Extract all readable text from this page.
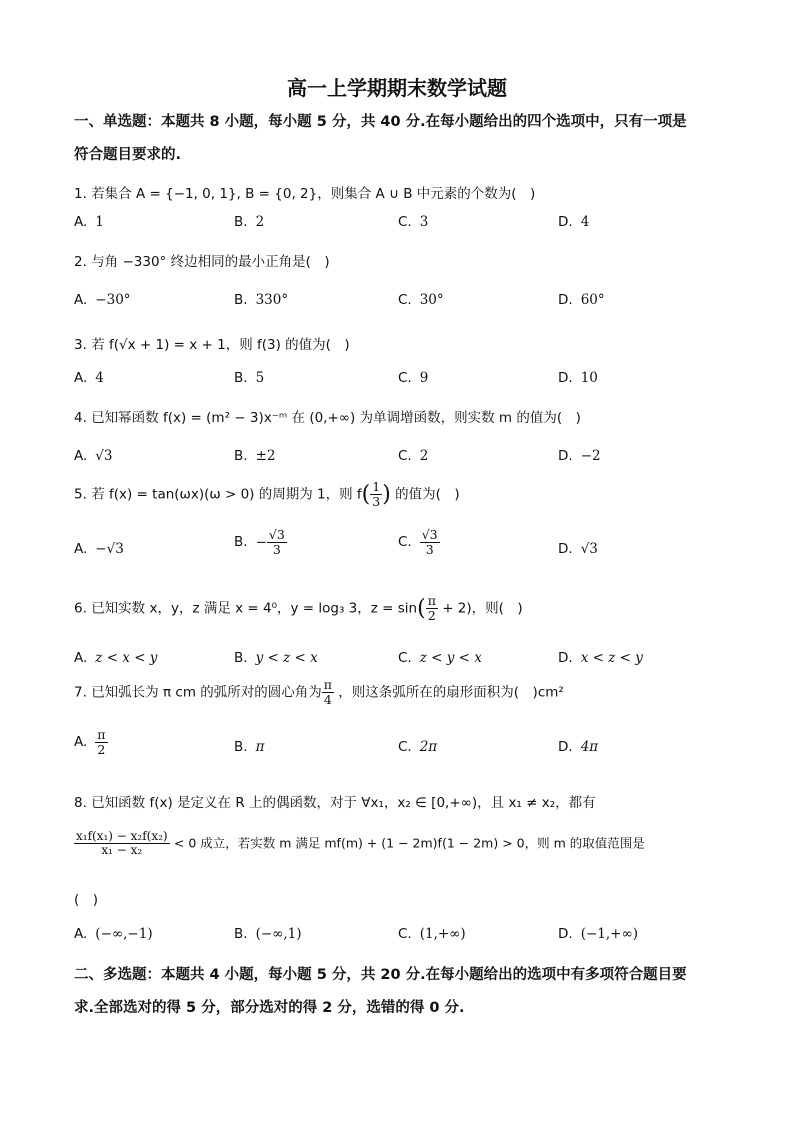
高一上学期期末数学试题
一、单选题：本题共 8 小题，每小题 5 分，共 40 分.在每小题给出的四个选项中，只有一项是
符合题目要求的.
1. 若集合 A = {−1, 0, 1}, B = {0, 2}，则集合 A ∪ B 中元素的个数为(　)
A. 1	B. 2	C. 3	D. 4
2. 与角 −330° 终边相同的最小正角是(　)
A. −30°	B. 330°	C. 30°	D. 60°
3. 若 f(√x + 1) = x + 1，则 f(3) 的值为(　)
A. 4	B. 5	C. 9	D. 10
4. 已知幂函数 f(x) = (m² − 3)x⁻ᵐ 在 (0,+∞) 为单调增函数，则实数 m 的值为(　)
A. √3	B. ±2	C. 2	D. −2
5. 若 f(x) = tan(ωx)(ω > 0) 的周期为 1，则 $f( \frac{1}{3}$ ) 的值为(　)
A. −√3	B. − $\frac{√3}{3}$	C. $\frac{√3}{3}$	D. √3
6. 已知实数 x，y，z 满足 x = 4⁰，y = log₃ 3，$z = \sin( \frac{\pi}{2} + 2)$，则(　)
A. z < x < y	B. y < z < x	C. z < y < x	D. x < z < y
7. 已知弧长为 π cm 的弧所对的圆心角为 $\frac{\pi}{4}$ ，则这条弧所在的扇形面积为(　)cm²
A. $\frac{\pi}{2}$	B. π	C. 2π	D. 4π
8. 已知函数 f(x) 是定义在 R 上的偶函数，对于 ∀x₁，x₂ ∈ [0,+∞)，且 x₁ ≠ x₂，都有
$\frac{\text{x₁f(x₁) − x₂f(x₂)}}{\text{x₁ − x₂}} < 0$ 成立，若实数 m 满足 mf(m) + (1 − 2m)f(1 − 2m) > 0，则 m 的取值范围是
(　)
A. (−∞,−1)	B. (−∞,1)	C. (1,+∞)	D. (−1,+∞)
二、多选题：本题共 4 小题，每小题 5 分，共 20 分.在每小题给出的选项中有多项符合题目要
求.全部选对的得 5 分，部分选对的得 2 分，选错的得 0 分.
